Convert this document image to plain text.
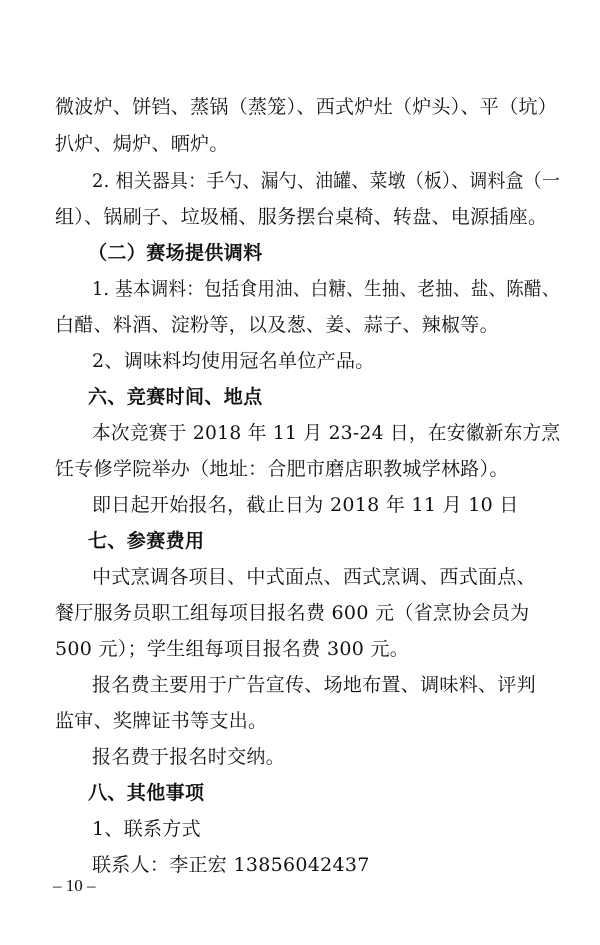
微波炉、饼铛、蒸锅（蒸笼）、西式炉灶（炉头）、平（坑）

扒炉、焗炉、晒炉。

2. 相关器具：手勺、漏勺、油罐、菜墩（板）、调料盒（一

组）、锅刷子、垃圾桶、服务摆台桌椅、转盘、电源插座。

（二）赛场提供调料

1. 基本调料：包括食用油、白糖、生抽、老抽、盐、陈醋、

白醋、料酒、淀粉等，以及葱、姜、蒜子、辣椒等。

2、调味料均使用冠名单位产品。

六、竞赛时间、地点

本次竞赛于 2018 年 11 月 23-24 日，在安徽新东方烹

饪专修学院举办（地址：合肥市磨店职教城学林路）。

即日起开始报名，截止日为 2018 年 11 月 10 日

七、参赛费用

中式烹调各项目、中式面点、西式烹调、西式面点、

餐厅服务员职工组每项目报名费 600 元（省烹协会员为

500 元）；学生组每项目报名费 300 元。

报名费主要用于广告宣传、场地布置、调味料、评判

监审、奖牌证书等支出。

报名费于报名时交纳。

八、其他事项

1、联系方式

联系人：李正宏 13856042437

– 10 –
